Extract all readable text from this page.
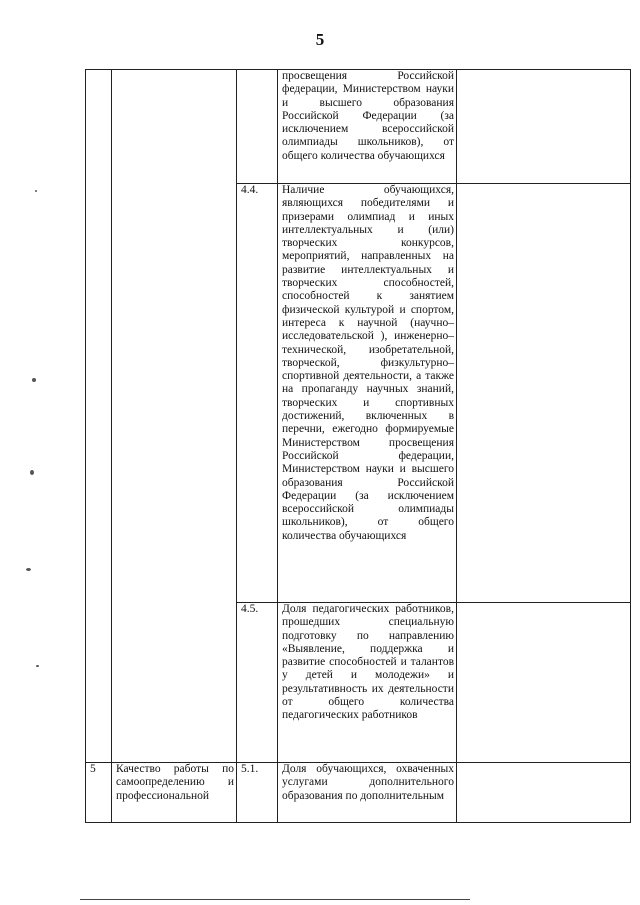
5

			просвещения Российской федерации, Министерством науки и высшего образования Российской Федерации (за исключением всероссийской олимпиады школьников), от общего количества обучающихся	

		4.4.	Наличие обучающихся, являющихся победителями и призерами олимпиад и иных интеллектуальных и (или) творческих конкурсов, мероприятий, направленных на развитие интеллектуальных и творческих способностей, способностей к занятием физической культурой и спортом, интереса к научной (научно–исследовательской ), инженерно–технической, изобретательной, творческой, физкультурно–спортивной деятельности, а также на пропаганду научных знаний, творческих и спортивных достижений, включенных в перечни, ежегодно формируемые Министерством просвещения Российской федерации, Министерством науки и высшего образования Российской Федерации (за исключением всероссийской олимпиады школьников), от общего количества обучающихся	

		4.5.	Доля педагогических работников, прошедших специальную подготовку по направлению «Выявление, поддержка и развитие способностей и талантов у детей и молодежи» и результативность их деятельности от общего количества педагогических работников	

5	Качество работы по самоопределению и профессиональной	5.1.	Доля обучающихся, охваченных услугами дополнительного образования по дополнительным	
